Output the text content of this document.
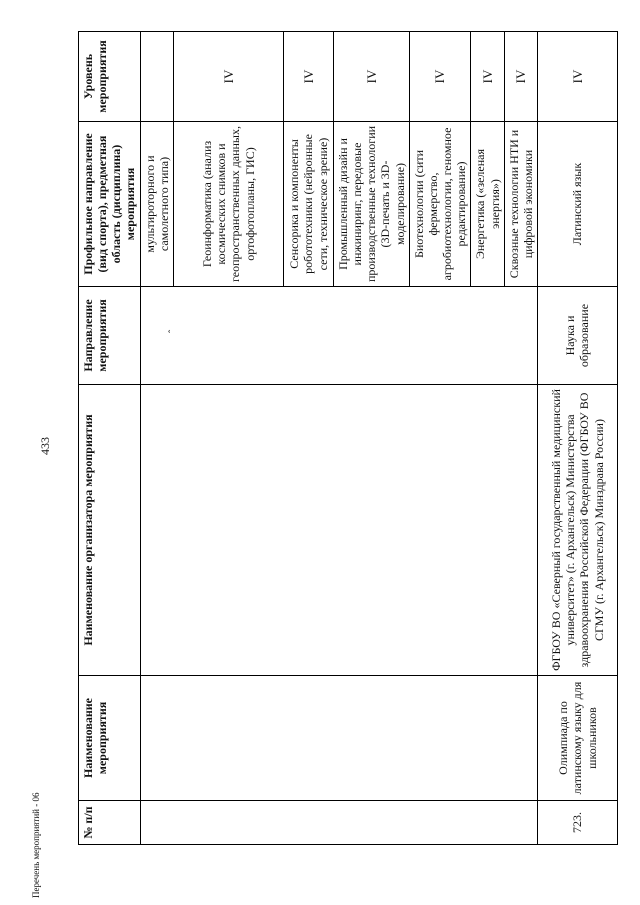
433
№ п/п	Наименование мероприятия	Наименование организатора мероприятия	Направление мероприятия	Профильное направление (вид спорта), предметная область (дисциплина) мероприятия	Уровень мероприятия
				мультироторного и самолетного типа)	
				Геоинформатика (анализ космических снимков и геопространственных данных, ортофотопланы, ГИС)	IV
				Сенсорика и компоненты робототехники (нейронные сети, техническое зрение)	IV
				Промышленный дизайн и инжиниринг, передовые производственные технологии (3D-печать и 3D-моделирование)	IV
				Биотехнологии (сити фермерство, агробиотехнологии, геномное редактирование)	IV
				Энергетика («зеленая энергия»)	IV
				Сквозные технологии НТИ и цифровой экономики	IV
723.	Олимпиада по латинскому языку для школьников	ФГБОУ ВО «Северный государственный медицинский университет» (г. Архангельск) Министерства здравоохранения Российской Федерации (ФГБОУ ВО СГМУ (г. Архангельск) Минздрава России)	Наука и образование	Латинский язык	IV
ˆ
Перечень мероприятий - 06
